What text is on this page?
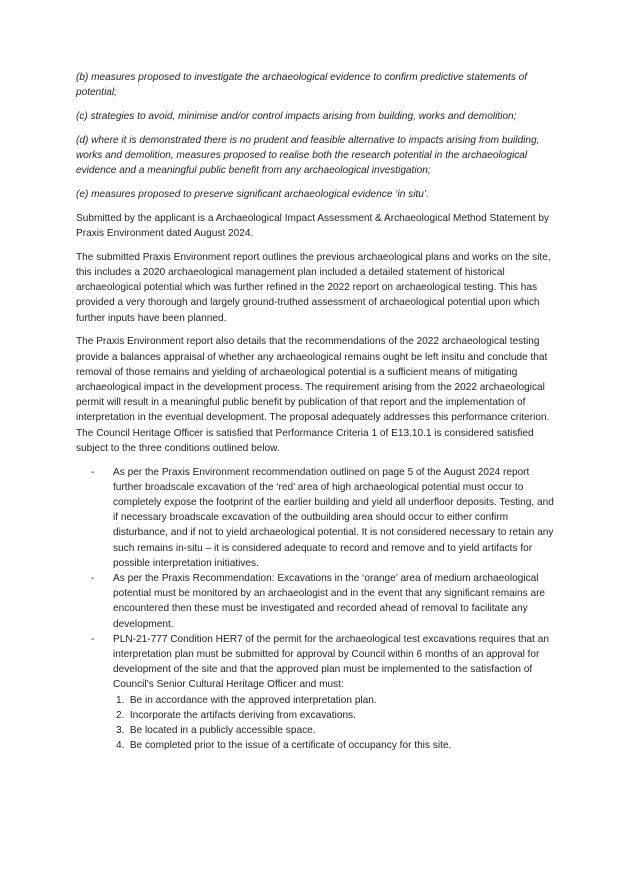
(b) measures proposed to investigate the archaeological evidence to confirm predictive statements of potential;

(c) strategies to avoid, minimise and/or control impacts arising from building, works and demolition;

(d) where it is demonstrated there is no prudent and feasible alternative to impacts arising from building, works and demolition, measures proposed to realise both the research potential in the archaeological evidence and a meaningful public benefit from any archaeological investigation;

(e) measures proposed to preserve significant archaeological evidence ‘in situ’.

Submitted by the applicant is a Archaeological Impact Assessment & Archaeological Method Statement by Praxis Environment dated August 2024.

The submitted Praxis Environment report outlines the previous archaeological plans and works on the site, this includes a 2020 archaeological management plan included a detailed statement of historical archaeological potential which was further refined in the 2022 report on archaeological testing. This has provided a very thorough and largely ground-truthed assessment of archaeological potential upon which further inputs have been planned.

The Praxis Environment report also details that the recommendations of the 2022 archaeological testing provide a balances appraisal of whether any archaeological remains ought be left insitu and conclude that removal of those remains and yielding of archaeological potential is a sufficient means of mitigating archaeological impact in the development process. The requirement arising from the 2022 archaeological permit will result in a meaningful public benefit by publication of that report and the implementation of interpretation in the eventual development. The proposal adequately addresses this performance criterion. The Council Heritage Officer is satisfied that Performance Criteria 1 of E13.10.1 is considered satisfied subject to the three conditions outlined below.

- As per the Praxis Environment recommendation outlined on page 5 of the August 2024 report further broadscale excavation of the ‘red’ area of high archaeological potential must occur to completely expose the footprint of the earlier building and yield all underfloor deposits. Testing, and if necessary broadscale excavation of the outbuilding area should occur to either confirm disturbance, and if not to yield archaeological potential. It is not considered necessary to retain any such remains in-situ – it is considered adequate to record and remove and to yield artifacts for possible interpretation initiatives.
- As per the Praxis Recommendation: Excavations in the ‘orange’ area of medium archaeological potential must be monitored by an archaeologist and in the event that any significant remains are encountered then these must be investigated and recorded ahead of removal to facilitate any development.
- PLN-21-777 Condition HER7 of the permit for the archaeological test excavations requires that an interpretation plan must be submitted for approval by Council within 6 months of an approval for development of the site and that the approved plan must be implemented to the satisfaction of Council’s Senior Cultural Heritage Officer and must:
1. Be in accordance with the approved interpretation plan.
2. Incorporate the artifacts deriving from excavations.
3. Be located in a publicly accessible space.
4. Be completed prior to the issue of a certificate of occupancy for this site.
